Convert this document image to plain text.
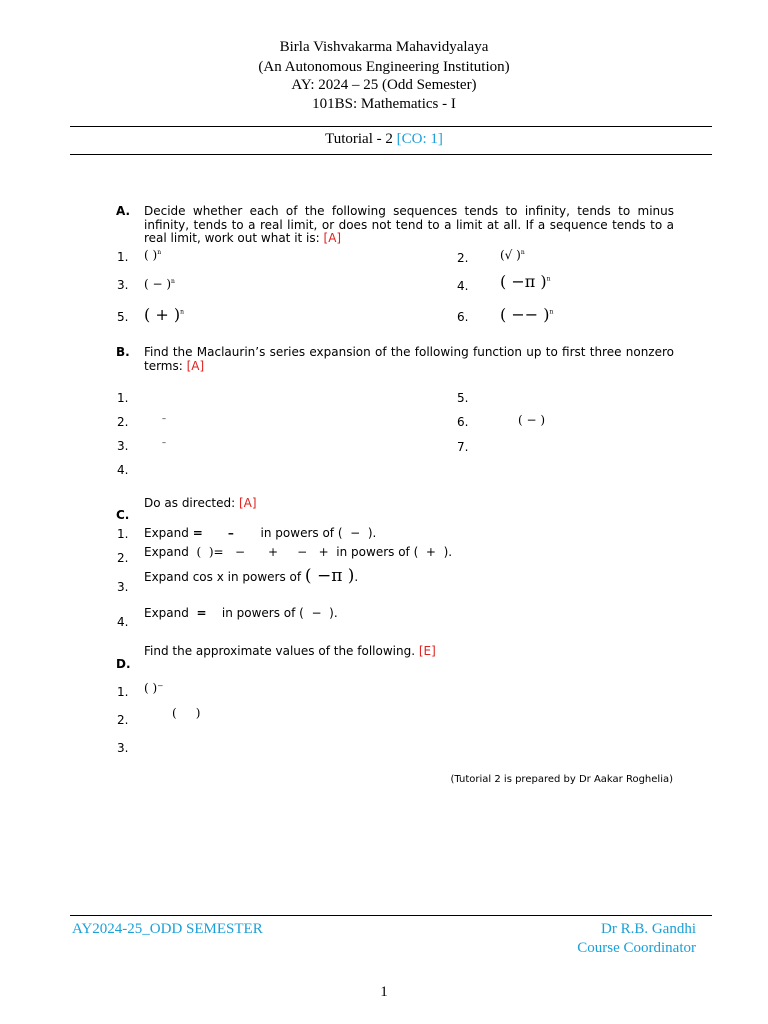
Birla Vishvakarma Mahavidyalaya
(An Autonomous Engineering Institution)
AY: 2024 – 25 (Odd Semester)
101BS: Mathematics - I
Tutorial - 2 [CO: 1]
A. Decide whether each of the following sequences tends to infinity, tends to minus infinity, tends to a real limit, or does not tend to a limit at all. If a sequence tends to a real limit, work out what it is: [A]
1. ( )$^n$	2.	(√ )$^n$
3. ( − )$^n$	4. ( −π )$^n$
5. ( + )$^n$	6. ( −− )$^n$
B. Find the Maclaurin’s series expansion of the following function up to first three nonzero terms: [A]
1.
2.	–
3.	–
4.
5.
6.	( − )
7.
Do as directed: [A]
C.
1. Expand =      – in powers of (  −  ).
2. Expand (  )=   −      +     −   + in powers of (  +  ).
3.
Expand cos x in powers of ( −π ).
4.
Expand = in powers of (  −  ).
Find the approximate values of the following. [E]
D.
1. ( )⁻
2.	(     )
3.
(Tutorial 2 is prepared by Dr Aakar Roghelia)
AY2024-25_ODD SEMESTER	Dr R.B. Gandhi
Course Coordinator
1
